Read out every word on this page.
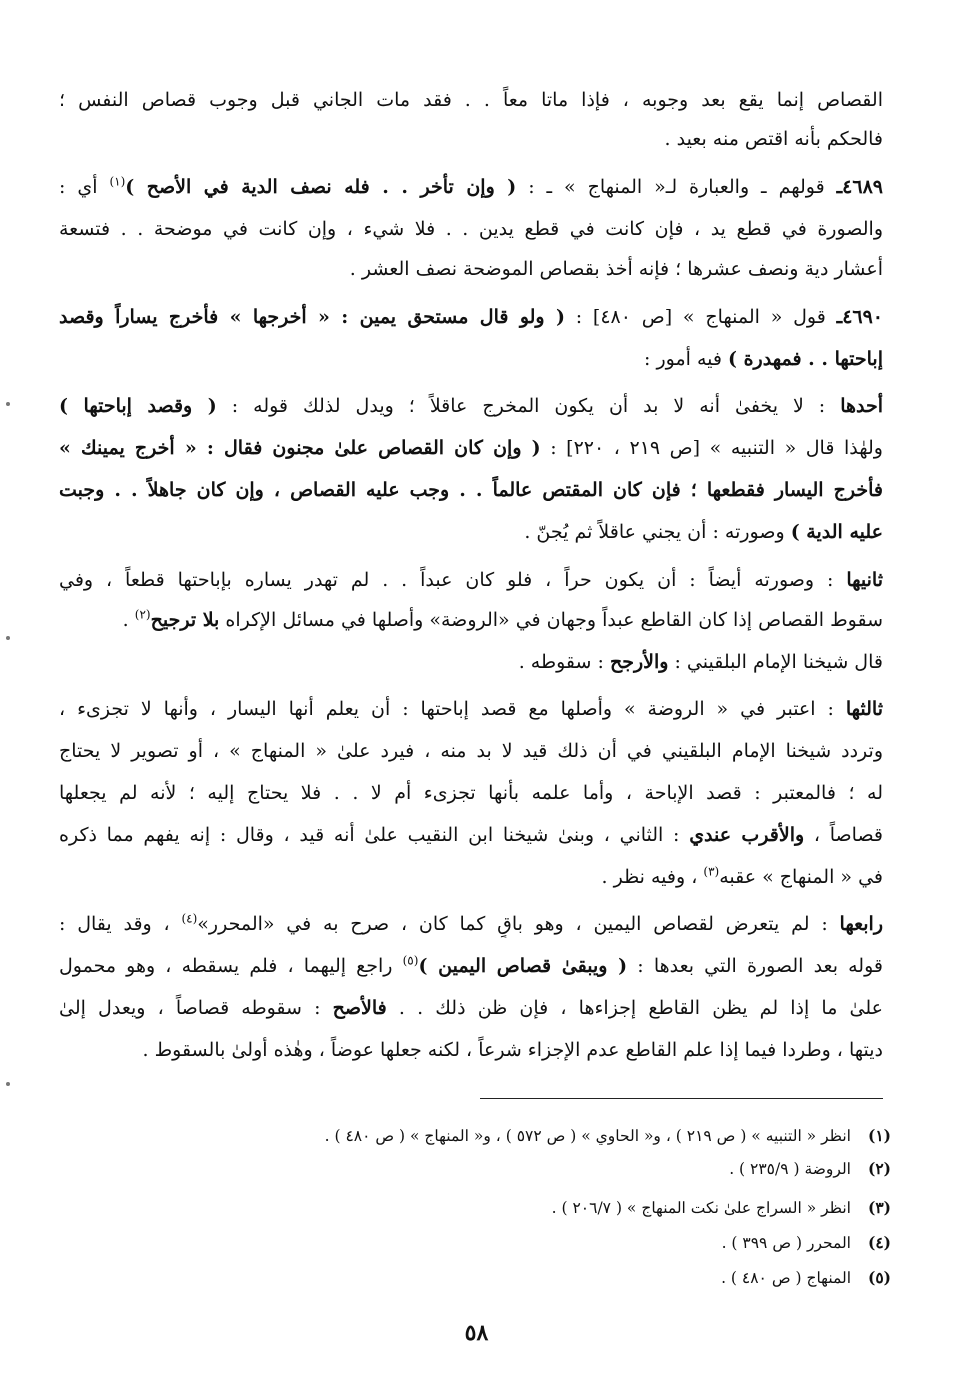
القصاص إنما يقع بعد وجوبه ، فإذا ماتا معاً . . فقد مات الجاني قبل وجوب قصاص النفس ؛
فالحكم بأنه اقتص منه بعيد .
٤٦٨٩ـ قولهم ـ والعبارة لـ« المنهاج » ـ : ( وإن تأخر . . فله نصف الدية في الأصح )$^{(١)}$ أي :
والصورة في قطع يد ، فإن كانت في قطع يدين . . فلا شيء ، وإن كانت في موضحة . . فتسعة
أعشار دية ونصف عشرها ؛ فإنه أخذ بقصاص الموضحة نصف العشر .
٤٦٩٠ـ قول « المنهاج » [ص ٤٨٠] : ( ولو قال مستحق يمين : « أخرجها » فأخرج يساراً وقصد
إباحتها . . فمهدرة ) فيه أمور :
أحدها : لا يخفىٰ أنه لا بد أن يكون المخرج عاقلاً ؛ ويدل لذلك قوله : ( وقصد إباحتها )
ولهٰذا قال « التنبيه » [ص ٢١٩ ، ٢٢٠] : ( وإن كان القصاص علىٰ مجنون فقال : « أخرج يمينك »
فأخرج اليسار فقطعها ؛ فإن كان المقتص عالماً . . وجب عليه القصاص ، وإن كان جاهلاً . . وجبت
عليه الدية ) وصورته : أن يجني عاقلاً ثم يُجنّ .
ثانيها : وصورته أيضاً : أن يكون حراً ، فلو كان عبداً . . لم تهدر يساره بإباحتها قطعاً ، وفي
سقوط القصاص إذا كان القاطع عبداً وجهان في «الروضة» وأصلها في مسائل الإكراه بلا ترجيح$^{(٢)}$ .
قال شيخنا الإمام البلقيني : والأرجح : سقوطه .
ثالثها : اعتبر في « الروضة » وأصلها مع قصد إباحتها : أن يعلم أنها اليسار ، وأنها لا تجزىء ،
وتردد شيخنا الإمام البلقيني في أن ذلك قيد لا بد منه ، فيرد علىٰ « المنهاج » ، أو تصوير لا يحتاج
له ؛ فالمعتبر : قصد الإباحة ، وأما علمه بأنها تجزىء أم لا . . فلا يحتاج إليه ؛ لأنه لم يجعلها
قصاصاً ، والأقرب عندي : الثاني ، وبنىٰ شيخنا ابن النقيب علىٰ أنه قيد ، وقال : إنه يفهم مما ذكره
في « المنهاج » عقبه$^{(٣)}$ ، وفيه نظر .
رابعها : لم يتعرض لقصاص اليمين ، وهو باقٍ كما كان ، صرح به في «المحرر»$^{(٤)}$ ، وقد يقال :
قوله بعد الصورة التي بعدها : ( ويبقىٰ قصاص اليمين )$^{(٥)}$ راجع إليهما ، فلم يسقطه ، وهو محمول
علىٰ ما إذا لم يظن القاطع إجزاءها ، فإن ظن ذلك . . فالأصح : سقوطه قصاصاً ، ويعدل إلىٰ
ديتها ، وطردا فيما إذا علم القاطع عدم الإجزاء شرعاً ، لكنه جعلها عوضاً ، وهٰذه أولىٰ بالسقوط .
(١)انظر « التنبيه » ( ص ٢١٩ ) ، و« الحاوي » ( ص ٥٧٢ ) ، و« المنهاج » ( ص ٤٨٠ ) .
(٢)الروضة ( ٢٣٥/٩ ) .
(٣)انظر « السراج علىٰ نكت المنهاج » ( ٢٠٦/٧ ) .
(٤)المحرر ( ص ٣٩٩ ) .
(٥)المنهاج ( ص ٤٨٠ ) .
٥٨
